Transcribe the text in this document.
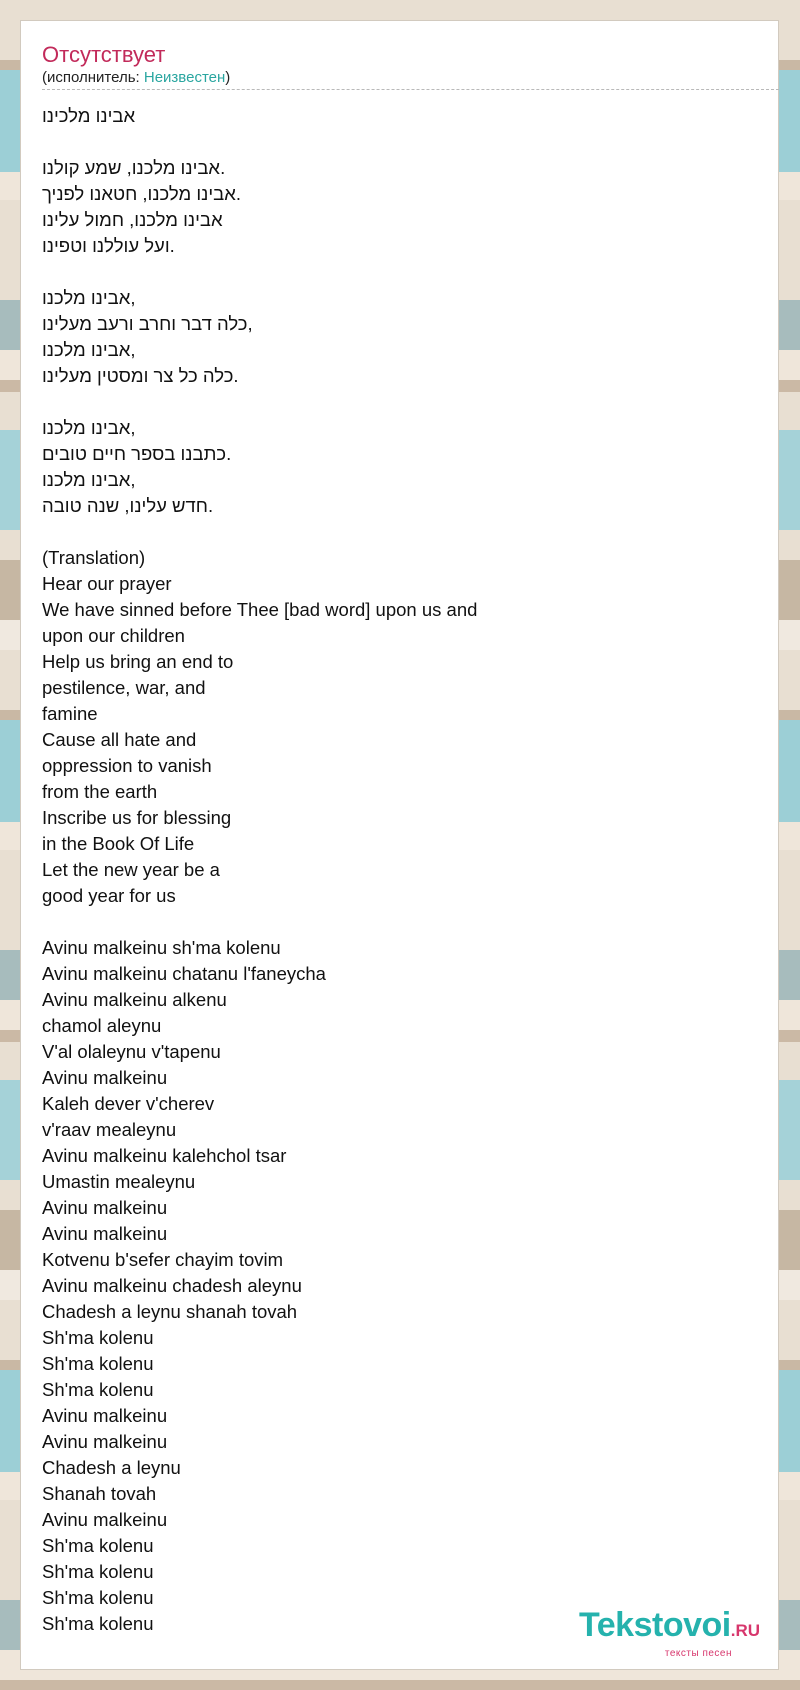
Отсутствует
(исполнитель: Неизвестен)
אבינו מלכינו
אבינו מלכנו, שמע קולנו.
אבינו מלכנו, חטאנו לפניך.
אבינו מלכנו, חמול עלינו
ועל עוללנו וטפינו.
אבינו מלכנו,
כלה דבר וחרב ורעב מעלינו,
אבינו מלכנו,
כלה כל צר ומסטין מעלינו.
אבינו מלכנו,
כתבנו בספר חיים טובים.
אבינו מלכנו,
חדש עלינו, שנה טובה.
(Translation)
Hear our prayer
We have sinned before Thee [bad word] upon us and
upon our children
Help us bring an end to
pestilence, war, and
famine
Cause all hate and
oppression to vanish
from the earth
Inscribe us for blessing
in the Book Of Life
Let the new year be a
good year for us
Avinu malkeinu sh'ma kolenu
Avinu malkeinu chatanu l'faneycha
Avinu malkeinu alkenu
chamol aleynu
V'al olaleynu v'tapenu
Avinu malkeinu
Kaleh dever v'cherev
v'raav mealeynu
Avinu malkeinu kalehchol tsar
Umastin mealeynu
Avinu malkeinu
Avinu malkeinu
Kotvenu b'sefer chayim tovim
Avinu malkeinu chadesh aleynu
Chadesh a leynu shanah tovah
Sh'ma kolenu
Sh'ma kolenu
Sh'ma kolenu
Avinu malkeinu
Avinu malkeinu
Chadesh a leynu
Shanah tovah
Avinu malkeinu
Sh'ma kolenu
Sh'ma kolenu
Sh'ma kolenu
Sh'ma kolenu	Tekstovoi.RU
тексты песен
